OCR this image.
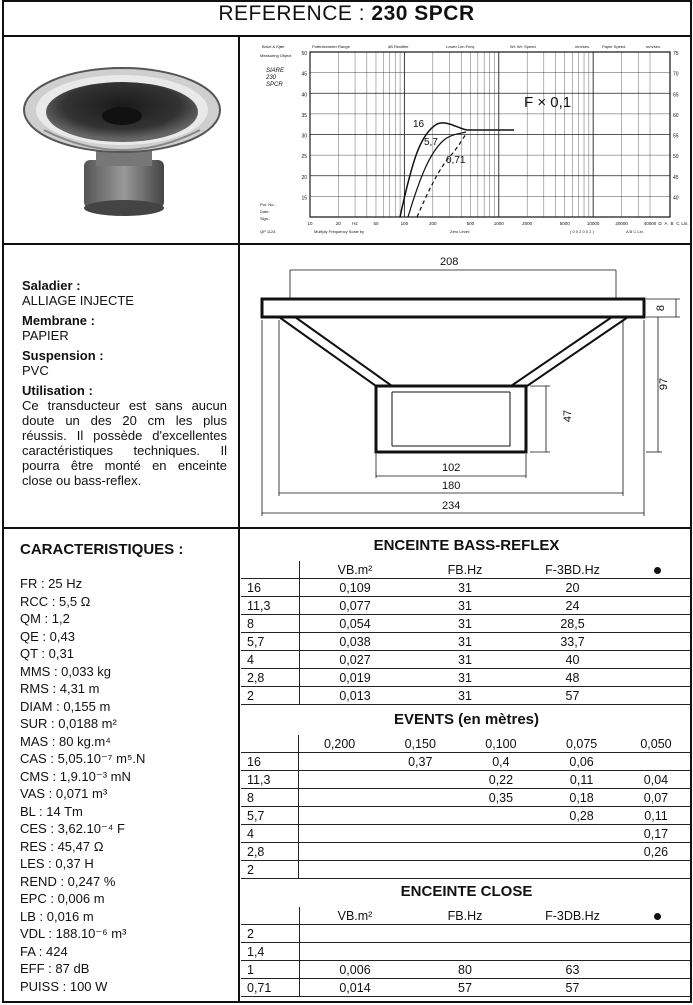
REFERENCE : 230 SPCR
50
45
40
35
30
25
20
15
75
70
65
60
55
50
45
40
10	20	Hz	50	100	200	500	1000	2000	5000	10000	20000	40000 D A B C Lin.
F × 0,1
16
5,7
0,71
Brüel & Kjær	Potentiometer Range	dB Rectifier	Lower Lim.Freq.	Wr. Wr. Speed	mm/sec.	Paper Speed	mm/sec.
Measuring Object
SIARE 230 SPCR
Pot. No.:
Date:
Sign.:
QP 1124	Multiply Frequency Scale by	Zero Level:	( 0 0 2 0 0 2 )	A B C Lin.
Saladier :
ALLIAGE INJECTE
Membrane :
PAPIER
Suspension :
PVC
Utilisation :
Ce transducteur est sans aucun doute un des 20 cm les plus réussis. Il possède d'excellentes caractéristiques techniques. Il pourra être monté en enceinte close ou bass-reflex.
208
8
97
47
102
180
234
CARACTERISTIQUES :
FR : 25 Hz
RCC : 5,5 Ω
QM : 1,2
QE : 0,43
QT : 0,31
MMS : 0,033 kg
RMS : 4,31 m
DIAM : 0,155 m
SUR : 0,0188 m²
MAS : 80 kg.m⁴
CAS : 5,05.10⁻⁷ m⁵.N
CMS : 1,9.10⁻³ mN
VAS : 0,071 m³
BL : 14 Tm
CES : 3,62.10⁻⁴ F
RES : 45,47 Ω
LES : 0,37 H
REND : 0,247 %
EPC : 0,006 m
LB : 0,016 m
VDL : 188.10⁻⁶ m³
FA : 424
EFF : 87 dB
PUISS : 100 W
ENCEINTE BASS-REFLEX
	VB.m²	FB.Hz	F-3BD.Hz	
16	0,109	31	20	
11,3	0,077	31	24	
8	0,054	31	28,5	
5,7	0,038	31	33,7	
4	0,027	31	40	
2,8	0,019	31	48	
2	0,013	31	57	
EVENTS (en mètres)
	0,200	0,150	0,100	0,075	0,050
16		0,37	0,4	0,06	
11,3			0,22	0,11	0,04
8			0,35	0,18	0,07
5,7				0,28	0,11
4					0,17
2,8					0,26
2					
ENCEINTE CLOSE
	VB.m²	FB.Hz	F-3DB.Hz	
2				
1,4				
1	0,006	80	63	
0,71	0,014	57	57	
